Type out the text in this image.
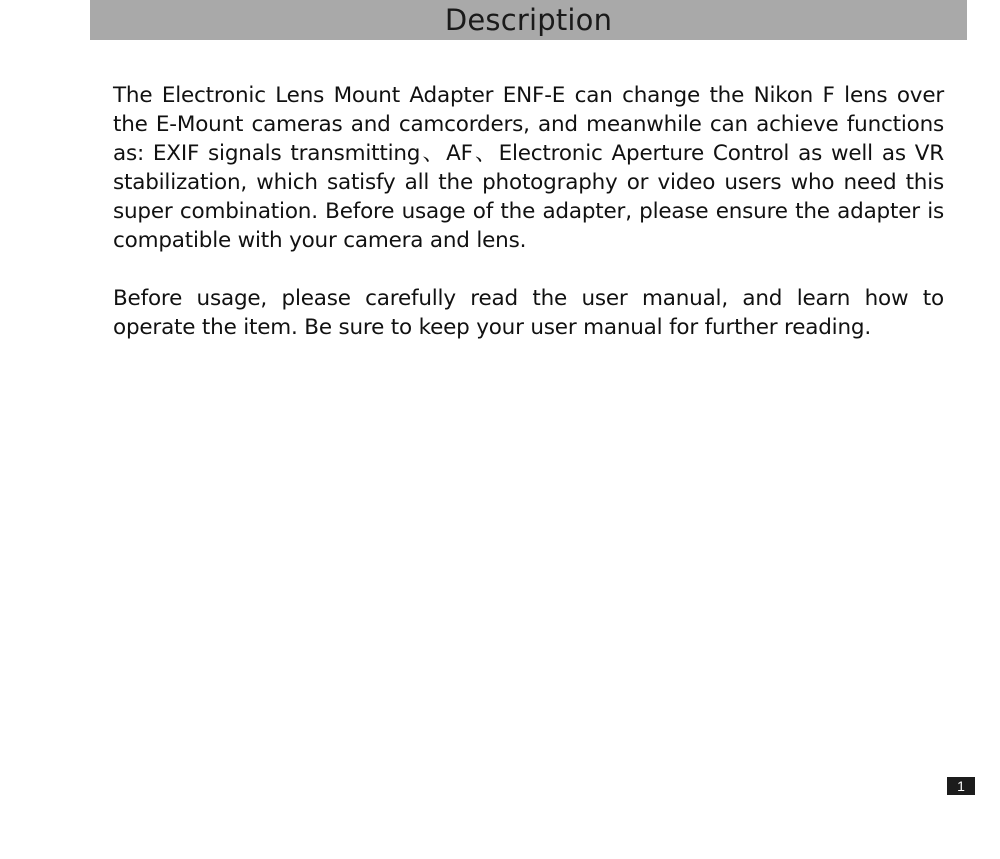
Description

The Electronic Lens Mount Adapter ENF-E can change the Nikon F lens over the E-Mount cameras and camcorders, and meanwhile can achieve functions as: EXIF signals transmitting、AF、Electronic Aperture Control as well as VR stabilization, which satisfy all the photography or video users who need this super combination. Before usage of the adapter, please ensure the adapter is compatible with your camera and lens.

Before usage, please carefully read the user manual, and learn how to operate the item. Be sure to keep your user manual for further reading.

1
